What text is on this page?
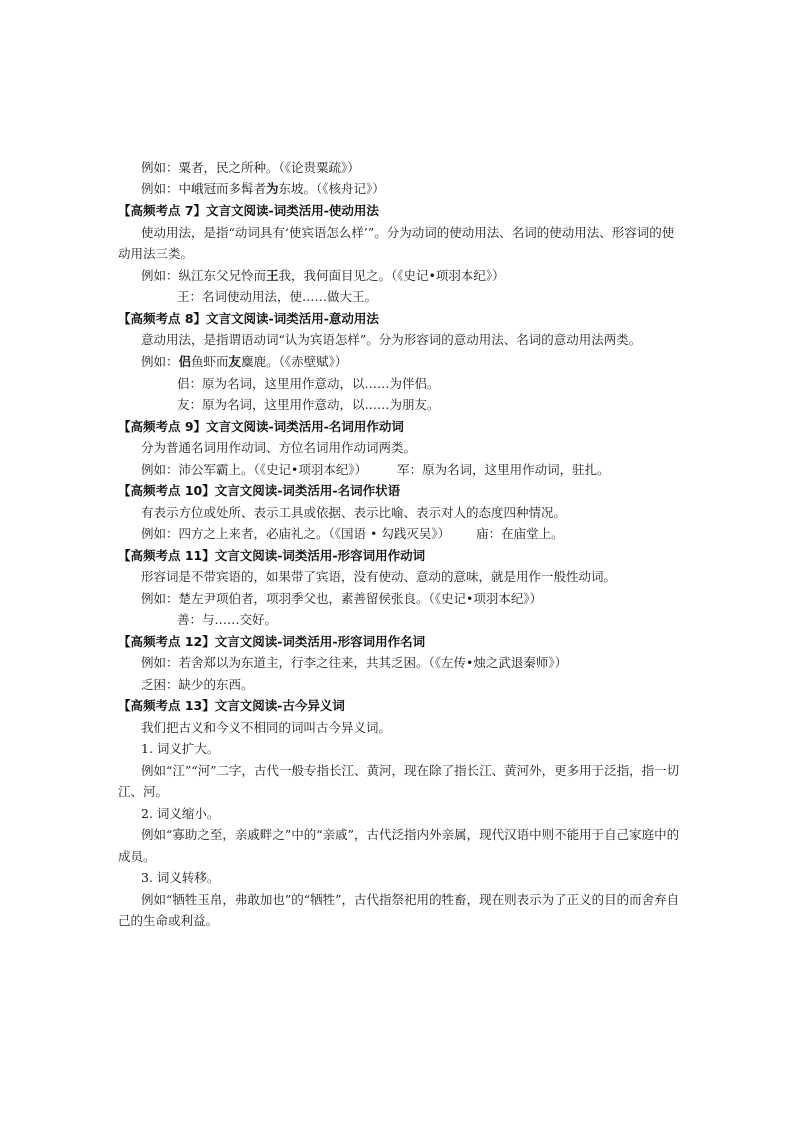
例如：粟者，民之所种。（《论贵粟疏》）
例如：中峨冠而多髯者为东坡。（《核舟记》）
【高频考点 7】文言文阅读-词类活用-使动用法
使动用法，是指“动词具有‘使宾语怎么样’”。分为动词的使动用法、名词的使动用法、形容词的使
动用法三类。
例如：纵江东父兄怜而王我，我何面目见之。（《史记•项羽本纪》）
王：名词使动用法，使……做大王。
【高频考点 8】文言文阅读-词类活用-意动用法
意动用法，是指谓语动词“认为宾语怎样”。分为形容词的意动用法、名词的意动用法两类。
例如：侣鱼虾而友麋鹿。（《赤壁赋》）
侣：原为名词，这里用作意动，以……为伴侣。
友：原为名词，这里用作意动，以……为朋友。
【高频考点 9】文言文阅读-词类活用-名词用作动词
分为普通名词用作动词、方位名词用作动词两类。
例如：沛公军霸上。（《史记•项羽本纪》） 军：原为名词，这里用作动词，驻扎。
【高频考点 10】文言文阅读-词类活用-名词作状语
有表示方位或处所、表示工具或依据、表示比喻、表示对人的态度四种情况。
例如：四方之上来者，必庙礼之。（《国语 • 勾践灭吴》） 庙：在庙堂上。
【高频考点 11】文言文阅读-词类活用-形容词用作动词
形容词是不带宾语的，如果带了宾语，没有使动、意动的意味，就是用作一般性动词。
例如：楚左尹项伯者，项羽季父也，素善留侯张良。（《史记•项羽本纪》）
善：与……交好。
【高频考点 12】文言文阅读-词类活用-形容词用作名词
例如：若舍郑以为东道主，行李之往来，共其乏困。（《左传•烛之武退秦师》）
乏困：缺少的东西。
【高频考点 13】文言文阅读-古今异义词
我们把古义和今义不相同的词叫古今异义词。
1. 词义扩大。
例如“江”“河”二字，古代一般专指长江、黄河，现在除了指长江、黄河外，更多用于泛指，指一切
江、河。
2. 词义缩小。
例如“寡助之至，亲戚畔之”中的“亲戚”，古代泛指内外亲属，现代汉语中则不能用于自己家庭中的
成员。
3. 词义转移。
例如“牺牲玉帛，弗敢加也”的“牺牲”，古代指祭祀用的牲畜，现在则表示为了正义的目的而舍弃自
己的生命或利益。
